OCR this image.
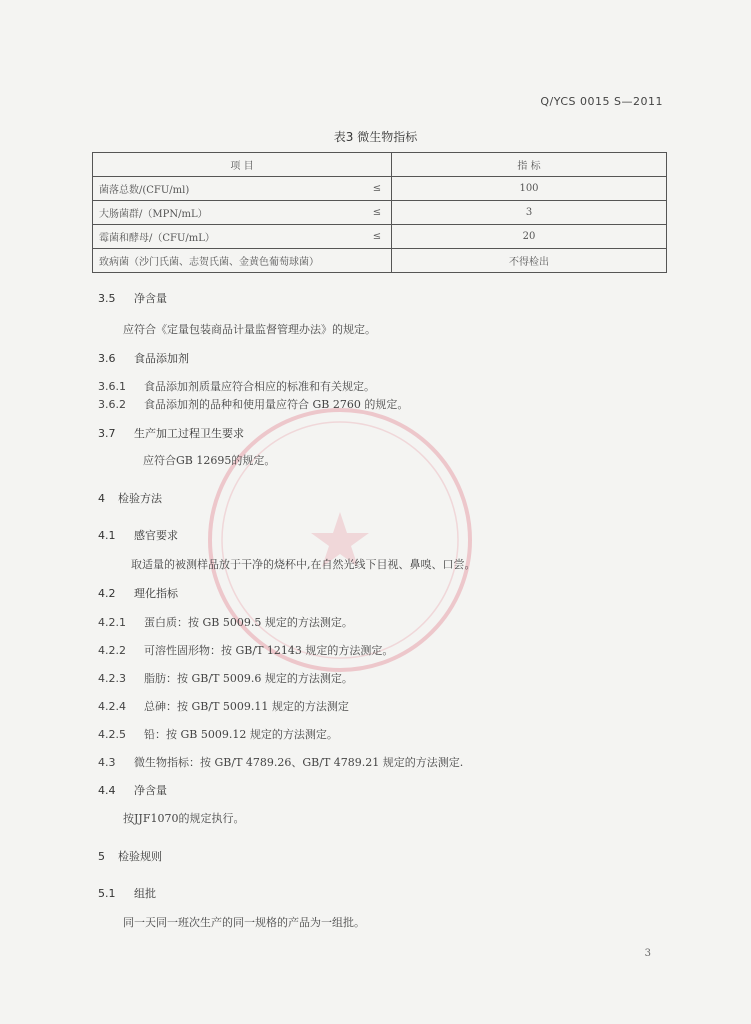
Q/YCS 0015 S—2011
表3 微生物指标
项 目		指 标
菌落总数/(CFU/ml)	≤	100
大肠菌群/（MPN/mL）	≤	3
霉菌和酵母/（CFU/mL）	≤	20
致病菌（沙门氏菌、志贺氏菌、金黄色葡萄球菌）		不得检出
3.5 净含量
应符合《定量包装商品计量监督管理办法》的规定。
3.6 食品添加剂
3.6.1 食品添加剂质量应符合相应的标准和有关规定。
3.6.2 食品添加剂的品种和使用量应符合 GB 2760 的规定。
3.7 生产加工过程卫生要求
应符合GB 12695的规定。
4 检验方法
4.1 感官要求
取适量的被测样品放于干净的烧杯中,在自然光线下目视、鼻嗅、口尝。
4.2 理化指标
4.2.1 蛋白质：按 GB 5009.5 规定的方法测定。
4.2.2 可溶性固形物：按 GB/T 12143 规定的方法测定。
4.2.3 脂肪：按 GB/T 5009.6 规定的方法测定。
4.2.4 总砷：按 GB/T 5009.11 规定的方法测定
4.2.5 铅：按 GB 5009.12 规定的方法测定。
4.3 微生物指标：按 GB/T 4789.26、GB/T 4789.21 规定的方法测定.
4.4 净含量
按JJF1070的规定执行。
5 检验规则
5.1 组批
同一天同一班次生产的同一规格的产品为一组批。
3
